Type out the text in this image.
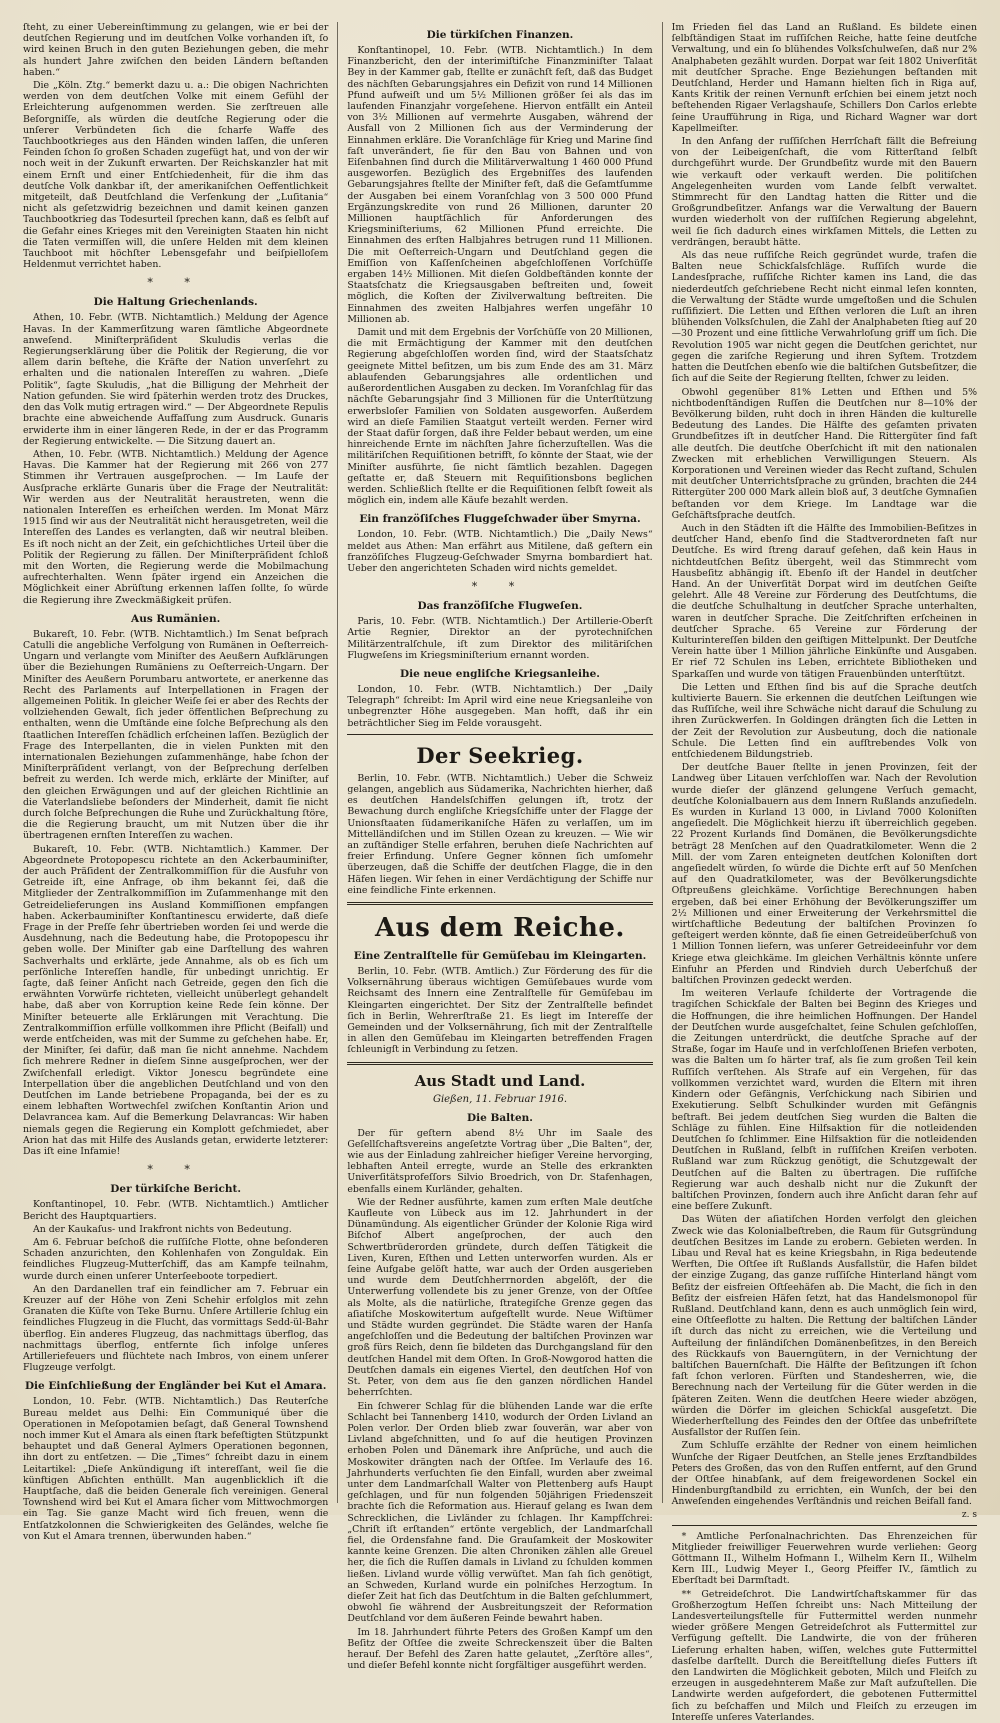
ſteht, zu einer Uebereinſtimmung zu gelangen, wie er bei der deutſchen Regierung und im deutſchen Volke vorhanden iſt, ſo wird keinen Bruch in den guten Beziehungen geben, die mehr als hundert Jahre zwiſchen den beiden Ländern beſtanden haben.“

Die „Köln. Ztg.“ bemerkt dazu u. a.: Die obigen Nachrichten werden von dem deutſchen Volke mit einem Gefühl der Erleichterung aufgenommen werden. Sie zerſtreuen alle Beſorgniſſe, als würden die deutſche Regierung oder die unſerer Verbündeten ſich die ſcharfe Waffe des Tauchbootkrieges aus den Händen winden laſſen, die unſeren Feinden ſchon ſo großen Schaden zugefügt hat, und von der wir noch weit in der Zukunft erwarten. Der Reichskanzler hat mit einem Ernſt und einer Entſchiedenheit, für die ihm das deutſche Volk dankbar iſt, der amerikaniſchen Oeffentlichkeit mitgeteilt, daß Deutſchland die Verſenkung der „Luſitania“ nicht als geſetzwidrig bezeichnen und damit keinen ganzen Tauchbootkrieg das Todesurteil ſprechen kann, daß es ſelbſt auf die Gefahr eines Krieges mit den Vereinigten Staaten hin nicht die Taten vermiſſen will, die unſere Helden mit dem kleinen Tauchboot mit höchſter Lebensgefahr und beiſpielloſem Heldenmut verrichtet haben.

* *
Die Haltung Griechenlands.

Athen, 10. Febr. (WTB. Nichtamtlich.) Meldung der Agence Havas. In der Kammerſitzung waren ſämtliche Abgeordnete anweſend. Miniſterpräſident Skuludis verlas die Regierungserklärung über die Politik der Regierung, die vor allem darin beſtehe, die Kräfte der Nation unverſehrt zu erhalten und die nationalen Intereſſen zu wahren. „Dieſe Politik“, ſagte Skuludis, „hat die Billigung der Mehrheit der Nation gefunden. Sie wird ſpäterhin werden trotz des Druckes, den das Volk mutig ertragen wird.“ — Der Abgeordnete Repulis brachte eine abweichende Auffaſſung zum Ausdruck. Gunaris erwiderte ihm in einer längeren Rede, in der er das Programm der Regierung entwickelte. — Die Sitzung dauert an.

Athen, 10. Febr. (WTB. Nichtamtlich.) Meldung der Agence Havas. Die Kammer hat der Regierung mit 266 von 277 Stimmen ihr Vertrauen ausgeſprochen. — Im Laufe der Ausſprache erklärte Gunaris über die Frage der Neutralität: Wir werden aus der Neutralität heraustreten, wenn die nationalen Intereſſen es erheiſchen werden. Im Monat März 1915 ſind wir aus der Neutralität nicht herausgetreten, weil die Intereſſen des Landes es verlangten, daß wir neutral bleiben. Es iſt noch nicht an der Zeit, ein geſchichtliches Urteil über die Politik der Regierung zu fällen. Der Miniſterpräſident ſchloß mit den Worten, die Regierung werde die Mobilmachung aufrechterhalten. Wenn ſpäter irgend ein Anzeichen die Möglichkeit einer Abrüſtung erkennen laſſen ſollte, ſo würde die Regierung ihre Zweckmäßigkeit prüfen.

Aus Rumänien.

Bukareſt, 10. Febr. (WTB. Nichtamtlich.) Im Senat beſprach Catulli die angebliche Verfolgung von Rumänen in Oeſterreich-Ungarn und verlangte vom Miniſter des Aeußern Aufklärungen über die Beziehungen Rumäniens zu Oeſterreich-Ungarn. Der Miniſter des Aeußern Porumbaru antwortete, er anerkenne das Recht des Parlaments auf Interpellationen in Fragen der allgemeinen Politik. In gleicher Weiſe ſei er aber des Rechts der vollziehenden Gewalt, ſich jeder öffentlichen Beſprechung zu enthalten, wenn die Umſtände eine ſolche Beſprechung als den ſtaatlichen Intereſſen ſchädlich erſcheinen laſſen. Bezüglich der Frage des Interpellanten, die in vielen Punkten mit den internationalen Beziehungen zuſammenhänge, habe ſchon der Miniſterpräſident verlangt, von der Beſprechung derſelben befreit zu werden. Ich werde mich, erklärte der Miniſter, auf den gleichen Erwägungen und auf der gleichen Richtlinie an die Vaterlandsliebe beſonders der Minderheit, damit ſie nicht durch ſolche Beſprechungen die Ruhe und Zurückhaltung ſtöre, die die Regierung braucht, um mit Nutzen über die ihr übertragenen ernſten Intereſſen zu wachen.

Bukareſt, 10. Febr. (WTB. Nichtamtlich.) Kammer. Der Abgeordnete Protopopescu richtete an den Ackerbauminiſter, der auch Präſident der Zentralkommiſſion für die Ausfuhr von Getreide iſt, eine Anfrage, ob ihm bekannt ſei, daß die Mitglieder der Zentralkommiſſion im Zuſammenhange mit den Getreidelieferungen ins Ausland Kommiſſionen empfangen haben. Ackerbauminiſter Konſtantinescu erwiderte, daß dieſe Frage in der Preſſe ſehr übertrieben worden ſei und werde die Ausdehnung, nach die Bedeutung habe, die Protopopescu ihr geben wolle. Der Miniſter gab eine Darſtellung des wahren Sachverhalts und erklärte, jede Annahme, als ob es ſich um perſönliche Intereſſen handle, für unbedingt unrichtig. Er ſagte, daß ſeiner Anſicht nach Getreide, gegen den ſich die erwähnten Vorwürfe richteten, vielleicht unüberlegt gehandelt habe, daß aber von Korruption keine Rede ſein könne. Der Miniſter beteuerte alle Erklärungen mit Verachtung. Die Zentralkommiſſion erfülle vollkommen ihre Pflicht (Beifall) und werde entſcheiden, was mit der Summe zu geſchehen habe. Er, der Miniſter, ſei dafür, daß man ſie nicht annehme. Nachdem ſich mehrere Redner in dieſem Sinne ausgeſprochen, wer der Zwiſchenfall erledigt. Viktor Jonescu begründete eine Interpellation über die angeblichen Deutſchland und von den Deutſchen im Lande betriebene Propaganda, bei der es zu einem lebhaften Wortwechſel zwiſchen Konſtantin Arion und Delavrancea kam. Auf die Bemerkung Delavrancas: Wir haben niemals gegen die Regierung ein Komplott geſchmiedet, aber Arion hat das mit Hilfe des Auslands getan, erwiderte letzterer: Das iſt eine Infamie!

* *
Der türkiſche Bericht.

Konſtantinopel, 10. Febr. (WTB. Nichtamtlich.) Amtlicher Bericht des Hauptquartiers.

An der Kaukaſus- und Irakfront nichts von Bedeutung.

Am 6. Februar beſchoß die ruſſiſche Flotte, ohne beſonderen Schaden anzurichten, den Kohlenhafen von Zonguldak. Ein feindliches Flugzeug-Mutterſchiff, das am Kampfe teilnahm, wurde durch einen unſerer Unterſeeboote torpediert.

An den Dardanellen traf ein feindlicher am 7. Februar ein Kreuzer auf der Höhe von Zeni Schehir erfolglos mit zehn Granaten die Küſte von Teke Burnu. Unſere Artillerie ſchlug ein feindliches Flugzeug in die Flucht, das vormittags Sedd-ül-Bahr überflog. Ein anderes Flugzeug, das nachmittags überflog, das nachmittags überflog, entfernte ſich infolge unſeres Artilleriefeuers und flüchtete nach Imbros, von einem unſerer Flugzeuge verfolgt.

Die Einſchließung der Engländer bei Kut el Amara.

London, 10. Febr. (WTB. Nichtamtlich.) Das Reuterſche Bureau meldet aus Delhi: Ein Communiqué über die Operationen in Meſopotamien beſagt, daß General Townshend noch immer Kut el Amara als einen ſtark befeſtigten Stützpunkt behauptet und daß General Aylmers Operationen begonnen, ihn dort zu entſetzen. — Die „Times“ ſchreibt dazu in einem Leitartikel: „Dieſe Ankündigung iſt intereſſant, weil ſie die künftigen Abſichten enthüllt. Man augenblicklich iſt die Hauptſache, daß die beiden Generale ſich vereinigen. General Townshend wird bei Kut el Amara ſicher vom Mittwochmorgen ein Tag. Sie ganze Macht wird ſich freuen, wenn die Entſatzkolonnen die Schwierigkeiten des Geländes, welche ſie von Kut el Amara trennen, überwunden haben.“

Die türkiſchen Finanzen.

Konſtantinopel, 10. Febr. (WTB. Nichtamtlich.) In dem Finanzbericht, den der interimiſtiſche Finanzminiſter Talaat Bey in der Kammer gab, ſtellte er zunächſt feſt, daß das Budget des nächſten Gebarungsjahres ein Defizit von rund 14 Millionen Pfund aufweiſt und um 5½ Millionen größer ſei als das im laufenden Finanzjahr vorgeſehene. Hiervon entfällt ein Anteil von 3½ Millionen auf vermehrte Ausgaben, während der Ausfall von 2 Millionen ſich aus der Verminderung der Einnahmen erkläre. Die Voranſchläge für Krieg und Marine ſind faſt unverändert, ſie für den Bau von Bahnen und von Eiſenbahnen ſind durch die Militärverwaltung 1 460 000 Pfund ausgeworfen. Bezüglich des Ergebniſſes des laufenden Gebarungsjahres ſtellte der Miniſter feſt, daß die Geſamtſumme der Ausgaben bei einem Voranſchlag von 3 500 000 Pfund Ergänzungskredite von rund 26 Millionen, darunter 20 Millionen hauptſächlich für Anforderungen des Kriegsminiſteriums, 62 Millionen Pfund erreichte. Die Einnahmen des erſten Halbjahres betrugen rund 11 Millionen. Die mit Oeſterreich-Ungarn und Deutſchland gegen die Emiſſion von Kaſſenſcheinen abgeſchloſſenen Vorſchüſſe ergaben 14½ Millionen. Mit dieſen Goldbeſtänden konnte der Staatsſchatz die Kriegsausgaben beſtreiten und, ſoweit möglich, die Koſten der Zivilverwaltung beſtreiten. Die Einnahmen des zweiten Halbjahres werfen ungefähr 10 Millionen ab.

Damit und mit dem Ergebnis der Vorſchüſſe von 20 Millionen, die mit Ermächtigung der Kammer mit den deutſchen Regierung abgeſchloſſen worden ſind, wird der Staatsſchatz geeignete Mittel beſitzen, um bis zum Ende des am 31. März ablaufenden Gebarungsjahres alle ordentlichen und außerordentlichen Ausgaben zu decken. Im Voranſchlag für das nächſte Gebarungsjahr ſind 3 Millionen für die Unterſtützung erwerbsloſer Familien von Soldaten ausgeworfen. Außerdem wird an dieſe Familien Staatgut verteilt werden. Ferner wird der Staat dafür ſorgen, daß ihre Felder bebaut werden, um eine hinreichende Ernte im nächſten Jahre ſicherzuſtellen. Was die militäriſchen Requiſitionen betrifft, ſo könnte der Staat, wie der Miniſter ausführte, ſie nicht ſämtlich bezahlen. Dagegen geſtatte er, daß Steuern mit Requiſitionsbons beglichen werden. Schließlich ſtellte er die Requiſitionen ſelbſt ſoweit als möglich ein, indem alle Käufe bezahlt werden.

Ein franzöſiſches Fluggeſchwader über Smyrna.

London, 10. Febr. (WTB. Nichtamtlich.) Die „Daily News“ meldet aus Athen: Man erfährt aus Mitilene, daß geſtern ein franzöſiſches Flugzeug-Geſchwader Smyrna bombardiert hat. Ueber den angerichteten Schaden wird nichts gemeldet.

* *
Das franzöſiſche Flugweſen.

Paris, 10. Febr. (WTB. Nichtamtlich.) Der Artillerie-Oberſt Artie Regnier, Direktor an der pyrotechniſchen Militärzentralſchule, iſt zum Direktor des militäriſchen Flugweſens im Kriegsminiſterium ernannt worden.

Die neue engliſche Kriegsanleihe.

London, 10. Febr. (WTB. Nichtamtlich.) Der „Daily Telegraph“ ſchreibt: Im April wird eine neue Kriegsanleihe von unbegrenzter Höhe ausgegeben. Man hofft, daß ihr ein beträchtlicher Sieg im Felde vorausgeht.

Der Seekrieg.

Berlin, 10. Febr. (WTB. Nichtamtlich.) Ueber die Schweiz gelangen, angeblich aus Südamerika, Nachrichten hierher, daß es deutſchen Handelsſchiffen gelungen iſt, trotz der Bewachung durch engliſche Kriegsſchiffe unter der Flagge der Unionsſtaaten ſüdamerikaniſche Häfen zu verlaſſen, um im Mittelländiſchen und im Stillen Ozean zu kreuzen. — Wie wir an zuſtändiger Stelle erfahren, beruhen dieſe Nachrichten auf freier Erfindung. Unſere Gegner können ſich umſomehr überzeugen, daß die Schiffe der deutſchen Flagge, die in den Häfen liegen. Wir ſehen in einer Verdächtigung der Schiffe nur eine feindliche Finte erkennen.

Aus dem Reiche.
Eine Zentralſtelle für Gemüſebau im Kleingarten.

Berlin, 10. Febr. (WTB. Amtlich.) Zur Förderung des für die Volksernährung überaus wichtigen Gemüſebaues wurde vom Reichsamt des Innern eine Zentralſtelle für Gemüſebau im Kleingarten eingerichtet. Der Sitz der Zentralſtelle befindet ſich in Berlin, Wehrerſtraße 21. Es liegt im Intereſſe der Gemeinden und der Volksernährung, ſich mit der Zentralſtelle in allen den Gemüſebau im Kleingarten betreffenden Fragen ſchleunigſt in Verbindung zu ſetzen.

Aus Stadt und Land.
Gießen, 11. Februar 1916.
Die Balten.

Der für geſtern abend 8½ Uhr im Saale des Geſellſchaftsvereins angeſetzte Vortrag über „Die Balten“, der, wie aus der Einladung zahlreicher hieſiger Vereine hervorging, lebhaften Anteil erregte, wurde an Stelle des erkrankten Univerſitätsprofeſſors Silvio Broedrich, von Dr. Stafenhagen, ebenfalls einem Kurländer, gehalten.

Wie der Redner ausführte, kamen zum erſten Male deutſche Kaufleute von Lübeck aus im 12. Jahrhundert in der Dünamündung. Als eigentlicher Gründer der Kolonie Riga wird Biſchof Albert angeſprochen, der auch den Schwertbrüderorden gründete, durch deſſen Tätigkeit die Liven, Kuren, Eſthen und Letten unterworfen wurden. Als er ſeine Aufgabe gelöſt hatte, war auch der Orden ausgerieben und wurde dem Deutſchherrnorden abgelöſt, der die Unterwerfung vollendete bis zu jener Grenze, von der Oſtſee als Molte, als die natürliche, ſtrategiſche Grenze gegen das aſiatiſche Moskowitertum aufgeſtellt wurde. Neue Wiſtümer und Städte wurden gegründet. Die Städte waren der Hanſa angeſchloſſen und die Bedeutung der baltiſchen Provinzen war groß fürs Reich, denn ſie bildeten das Durchgangsland für den deutſchen Handel mit dem Oſten. In Groß-Nowgorod hatten die Deutſchen damals ein eigenes Viertel, den deutſchen Hof von St. Peter, von dem aus ſie den ganzen nördlichen Handel beherrſchten.

Ein ſchwerer Schlag für die blühenden Lande war die erſte Schlacht bei Tannenberg 1410, wodurch der Orden Livland an Polen verlor. Der Orden blieb zwar ſouverän, war aber von Livland abgeſchnitten, und ſo auf die heutigen Provinzen erhoben Polen und Dänemark ihre Anſprüche, und auch die Moskowiter drängten nach der Oſtſee. Im Verlaufe des 16. Jahrhunderts verſuchten ſie den Einfall, wurden aber zweimal unter dem Landmarſchall Walter von Plettenberg aufs Haupt geſchlagen, und für nun folgenden 50jährigen Friedenszeit brachte ſich die Reformation aus. Hierauf gelang es Iwan dem Schrecklichen, die Livländer zu ſchlagen. Ihr Kampfſchrei: „Chriſt iſt erſtanden“ ertönte vergeblich, der Landmarſchall fiel, die Ordensfahne fand. Die Grauſamkeit der Moskowiter kannte keine Grenzen. Die alten Chroniken zählen alle Greuel her, die ſich die Ruſſen damals in Livland zu ſchulden kommen ließen. Livland wurde völlig verwüſtet. Man ſah ſich genötigt, an Schweden, Kurland wurde ein polniſches Herzogtum. In dieſer Zeit hat ſich das Deutſchtum in die Balten geſchlummert, obwohl ſie während der Ausbreitungszeit der Reformation Deutſchland vor dem äußeren Feinde bewahrt haben.

Im 18. Jahrhundert führte Peters des Großen Kampf um den Beſitz der Oſtſee die zweite Schreckenszeit über die Balten herauf. Der Befehl des Zaren hatte gelautet, „Zerſtöre alles“, und dieſer Befehl konnte nicht ſorgfältiger ausgeführt werden.

Im Frieden fiel das Land an Rußland. Es bildete einen ſelbſtändigen Staat im ruſſiſchen Reiche, hatte ſeine deutſche Verwaltung, und ein ſo blühendes Volksſchulweſen, daß nur 2% Analphabeten gezählt wurden. Dorpat war ſeit 1802 Univerſität mit deutſcher Sprache. Enge Beziehungen beſtanden mit Deutſchland, Herder und Hamann hielten ſich in Riga auf, Kants Kritik der reinen Vernunft erſchien bei einem jetzt noch beſtehenden Rigaer Verlagshauſe, Schillers Don Carlos erlebte ſeine Uraufführung in Riga, und Richard Wagner war dort Kapellmeiſter.

In den Anfang der ruſſiſchen Herrſchaft fällt die Befreiung von der Leibeigenſchaft, die vom Ritterſtand ſelbſt durchgeführt wurde. Der Grundbeſitz wurde mit den Bauern wie verkauft oder verkauft werden. Die politiſchen Angelegenheiten wurden vom Lande ſelbſt verwaltet. Stimmrecht für den Landtag hatten die Ritter und die Großgrundbeſitzer. Anfangs war die Verwaltung der Bauern wurden wiederholt von der ruſſiſchen Regierung abgelehnt, weil ſie ſich dadurch eines wirkſamen Mittels, die Letten zu verdrängen, beraubt hätte.

Als das neue ruſſiſche Reich gegründet wurde, trafen die Balten neue Schickſalsſchläge. Ruſſiſch wurde die Landesſprache, ruſſiſche Richter kamen ins Land, die das niederdeutſch geſchriebene Recht nicht einmal leſen konnten, die Verwaltung der Städte wurde umgeſtoßen und die Schulen ruſſifiziert. Die Letten und Eſthen verloren die Luſt an ihren blühenden Volksſchulen, die Zahl der Analphabeten ſtieg auf 20—30 Prozent und eine ſittliche Verwahrloſung griff um ſich. Die Revolution 1905 war nicht gegen die Deutſchen gerichtet, nur gegen die zariſche Regierung und ihren Syſtem. Trotzdem hatten die Deutſchen ebenſo wie die baltiſchen Gutsbeſitzer, die ſich auf die Seite der Regierung ſtellten, ſchwer zu leiden.

Obwohl gegenüber 81% Letten und Eſthen und 5% nichtbodenſtändigen Ruſſen die Deutſchen nur 8—10% der Bevölkerung bilden, ruht doch in ihren Händen die kulturelle Bedeutung des Landes. Die Hälfte des geſamten privaten Grundbeſitzes iſt in deutſcher Hand. Die Rittergüter ſind faſt alle deutſch. Die deutſche Oberſchicht iſt mit den nationalen Zwecken mit erheblichen Verwilligungen Steuern. Als Korporationen und Vereinen wieder das Recht zuſtand, Schulen mit deutſcher Unterrichtsſprache zu gründen, brachten die 244 Rittergüter 200 000 Mark allein bloß auf, 3 deutſche Gymnaſien beſtanden vor dem Kriege. Im Landtage war die Geſchäftsſprache deutſch.

Auch in den Städten iſt die Hälfte des Immobilien-Beſitzes in deutſcher Hand, ebenſo ſind die Stadtverordneten faſt nur Deutſche. Es wird ſtreng darauf geſehen, daß kein Haus in nichtdeutſchen Beſitz übergeht, weil das Stimmrecht vom Hausbeſitz abhängig iſt. Ebenſo iſt der Handel in deutſcher Hand. An der Univerſität Dorpat wird im deutſchen Geiſte gelehrt. Alle 48 Vereine zur Förderung des Deutſchtums, die die deutſche Schulhaltung in deutſcher Sprache unterhalten, waren in deutſcher Sprache. Die Zeitſchriften erſcheinen in deutſcher Sprache. 65 Vereine zur Förderung der Kulturintereſſen bilden den geiſtigen Mittelpunkt. Der Deutſche Verein hatte über 1 Million jährliche Einkünfte und Ausgaben. Er rief 72 Schulen ins Leben, errichtete Bibliotheken und Sparkaſſen und wurde von tätigen Frauenbünden unterſtützt.

Die Letten und Eſthen ſind bis auf die Sprache deutſch kultivierte Bauern. Sie erkennen die deutſchen Leiſtungen wie das Ruſſiſche, weil ihre Schwäche nicht darauf die Schulung zu ihren Zurückwerfen. In Goldingen drängten ſich die Letten in der Zeit der Revolution zur Ausbeutung, doch die nationale Schule. Die Letten ſind ein aufſtrebendes Volk von entſchiedenem Bildungstrieb.

Der deutſche Bauer ſtellte in jenen Provinzen, ſeit der Landweg über Litauen verſchloſſen war. Nach der Revolution wurde dieſer der glänzend gelungene Verſuch gemacht, deutſche Kolonialbauern aus dem Innern Rußlands anzuſiedeln. Es wurden in Kurland 13 000, in Livland 7000 Koloniſten angeſiedelt. Die Möglichkeit hierzu iſt überreichlich gegeben. 22 Prozent Kurlands ſind Domänen, die Bevölkerungsdichte beträgt 28 Menſchen auf den Quadratkilometer. Wenn die 2 Mill. der vom Zaren enteigneten deutſchen Koloniſten dort angeſiedelt würden, ſo würde die Dichte erſt auf 50 Menſchen auf den Quadratkilometer, was der Bevölkerungsdichte Oſtpreußens gleichkäme. Vorſichtige Berechnungen haben ergeben, daß bei einer Erhöhung der Bevölkerungsziffer um 2½ Millionen und einer Erweiterung der Verkehrsmittel die wirtſchaftliche Bedeutung der baltiſchen Provinzen ſo geſteigert werden könnte, daß ſie einen Getreideüberſchuß von 1 Million Tonnen liefern, was unſerer Getreideeinfuhr vor dem Kriege etwa gleichkäme. Im gleichen Verhältnis könnte unſere Einfuhr an Pferden und Rindvieh durch Ueberſchuß der baltiſchen Provinzen gedeckt werden.

Im weiteren Verlaufe ſchilderte der Vortragende die tragiſchen Schickſale der Balten bei Beginn des Krieges und die Hoffnungen, die ihre heimlichen Hoffnungen. Der Handel der Deutſchen wurde ausgeſchaltet, ſeine Schulen geſchloſſen, die Zeitungen unterdrückt, die deutſche Sprache auf der Straße, ſogar im Hauſe und in verſchloſſenen Briefen verboten, was die Balten um ſo härter traf, als ſie zum großen Teil kein Ruſſiſch verſtehen. Als Strafe auf ein Vergehen, für das vollkommen verzichtet ward, wurden die Eltern mit ihren Kindern oder Gefängnis, Verſchickung nach Sibirien und Exekutierung. Selbſt Schulkinder wurden mit Gefängnis beſtraft. Bei jedem deutſchen Sieg wurden die Balten die Schläge zu fühlen. Eine Hilfsaktion für die notleidenden Deutſchen ſo ſchlimmer. Eine Hilfsaktion für die notleidenden Deutſchen in Rußland, ſelbſt in ruſſiſchen Kreiſen verboten. Rußland war zum Rückzug genötigt, die Schutzgewalt der Deutſchen auf die Balten zu übertragen. Die ruſſiſche Regierung war auch deshalb nicht nur die Zukunft der baltiſchen Provinzen, ſondern auch ihre Anſicht daran ſehr auf eine beſſere Zukunft.

Das Wüten der aſiatiſchen Horden verfolgt den gleichen Zweck wie das Kolonialbeſtreben, die Raum für Gutsgründung deutſchen Besitzes im Lande zu erobern. Gebieten werden. In Libau und Reval hat es keine Kriegsbahn, in Riga bedeutende Werften, Die Oſtſee iſt Rußlands Ausfallstür, die Hafen bildet der einzige Zugang, das ganze ruſſiſche Hinterland hängt vom Beſitz der eisfreien Oſtſeehäfen ab. Die Macht, die ſich in den Beſitz der eisfreien Häfen ſetzt, hat das Handelsmonopol für Rußland. Deutſchland kann, denn es auch unmöglich ſein wird, eine Oſtſeeflotte zu halten. Die Rettung der baltiſchen Länder iſt durch das nicht zu erreichen, wie die Verteilung und Aufteilung der finländiſchen Domänenbeſitzes, in den Bereich des Rückkaufs von Bauerngütern, in der Vernichtung der baltiſchen Bauernſchaft. Die Hälfte der Beſitzungen iſt ſchon faſt ſchon verloren. Fürſten und Standesherren, wie, die Berechnung nach der Verteilung für die Güter werden in die ſpäteren Zeiten. Wenn die deutſchen Heere wieder abzögen, würden die Dörfer im gleichen Schickſal ausgeſetzt. Die Wiederherſtellung des Feindes den der Oſtſee das unbefriſtete Ausfallstor der Ruſſen ſein.

Zum Schluſſe erzählte der Redner von einem heimlichen Wunſche der Rigaer Deutſchen, an Stelle jenes Erzſtandbildes Peters des Großen, das von den Ruſſen entfernt, auf den Grund der Oſtſee hinabſank, auf dem freigewordenen Sockel ein Hindenburgſtandbild zu errichten, ein Wunſch, der bei den Anweſenden eingehendes Verſtändnis und reichen Beifall fand.

z. s

* Amtliche Perſonalnachrichten. Das Ehrenzeichen für Mitglieder freiwilliger Feuerwehren wurde verliehen: Georg Göttmann II., Wilhelm Hofmann I., Wilhelm Kern II., Wilhelm Kern III., Ludwig Meyer I., Georg Pfeiffer IV., ſämtlich zu Eberſtadt bei Darmſtadt.

** Getreideſchrot. Die Landwirtſchaftskammer für das Großherzogtum Heſſen ſchreibt uns: Nach Mitteilung der Landesverteilungsſtelle für Futtermittel werden nunmehr wieder größere Mengen Getreideſchrot als Futtermittel zur Verfügung geſtellt. Die Landwirte, die von der früheren Lieferung erhalten haben, wiſſen, welches gute Futtermittel dasſelbe darſtellt. Durch die Bereitſtellung dieſes Futters iſt den Landwirten die Möglichkeit geboten, Milch und Fleiſch zu erzeugen in ausgedehnterem Maße zur Maſt aufzuſtellen. Die Landwirte werden aufgefordert, die gebotenen Futtermittel ſich zu beſchaffen und Milch und Fleiſch zu erzeugen im Intereſſe unſeres Vaterlandes.
